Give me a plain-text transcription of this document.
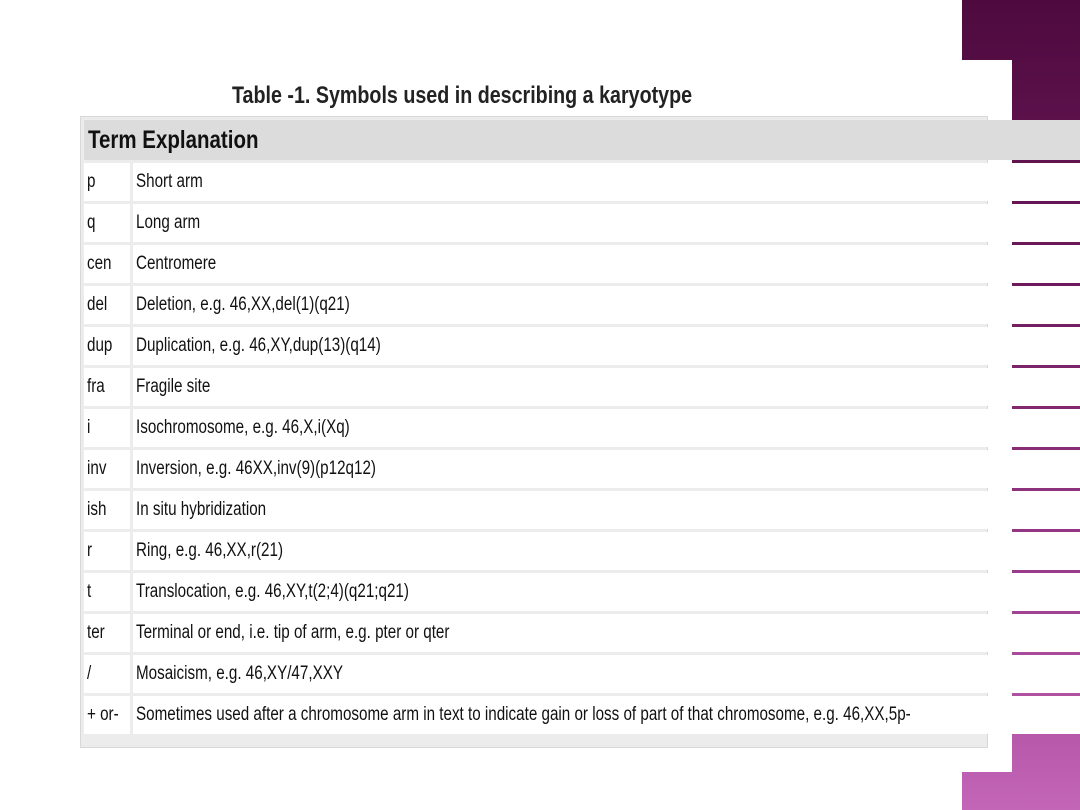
Table -1. Symbols used in describing a karyotype
Term Explanation	
p	Short arm
q	Long arm
cen	Centromere
del	Deletion, e.g. 46,XX,del(1)(q21)
dup	Duplication, e.g. 46,XY,dup(13)(q14)
fra	Fragile site
i	Isochromosome, e.g. 46,X,i(Xq)
inv	Inversion, e.g. 46XX,inv(9)(p12q12)
ish	In situ hybridization
r	Ring, e.g. 46,XX,r(21)
t	Translocation, e.g. 46,XY,t(2;4)(q21;q21)
ter	Terminal or end, i.e. tip of arm, e.g. pter or qter
/	Mosaicism, e.g. 46,XY/47,XXY
+ or-	Sometimes used after a chromosome arm in text to indicate gain or loss of part of that chromosome, e.g. 46,XX,5p-
